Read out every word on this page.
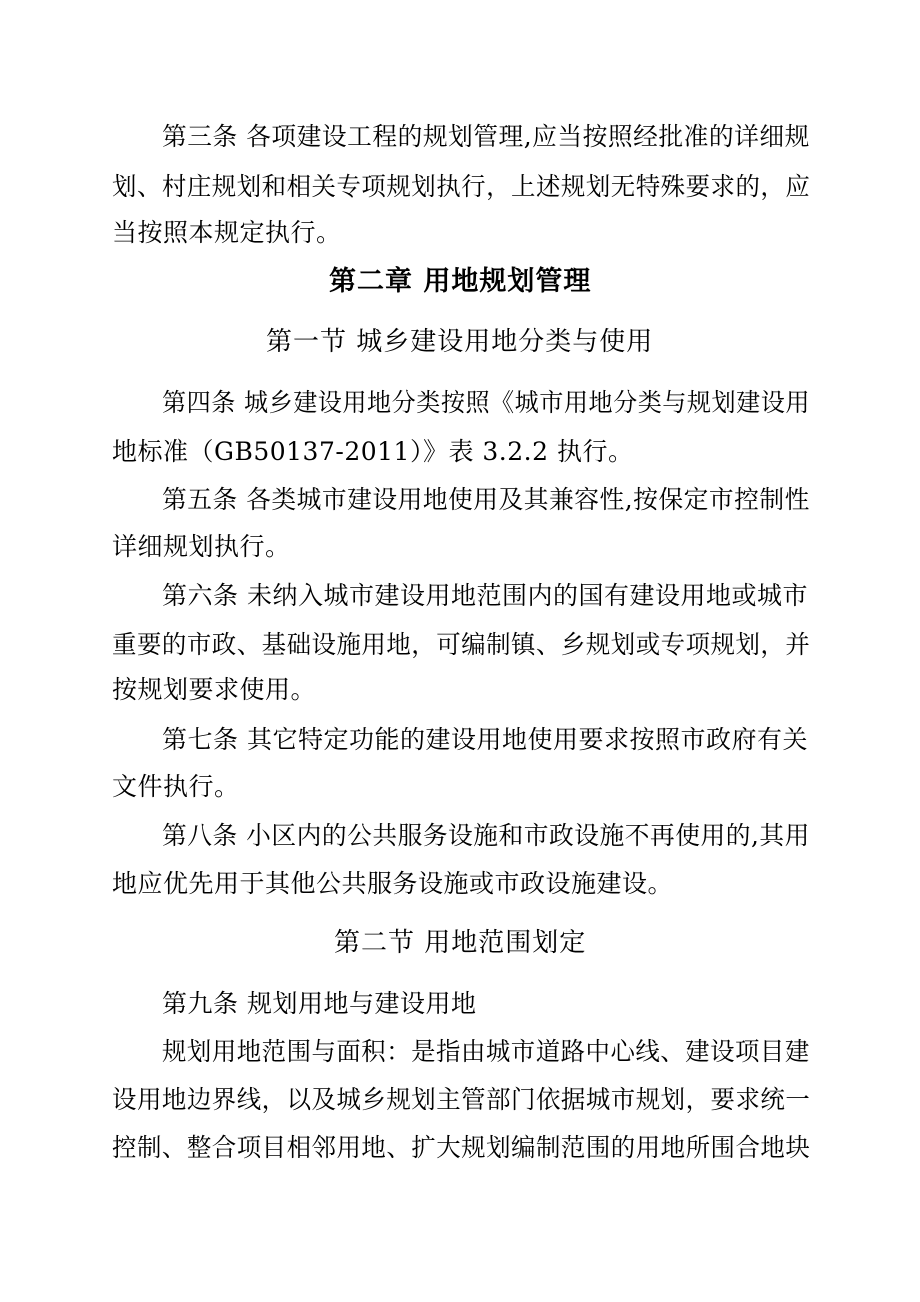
第三条 各项建设工程的规划管理,应当按照经批准的详细规
划、村庄规划和相关专项规划执行，上述规划无特殊要求的，应
当按照本规定执行。
第二章 用地规划管理
第一节 城乡建设用地分类与使用
第四条 城乡建设用地分类按照《城市用地分类与规划建设用
地标准（GB50137-2011）》表 3.2.2 执行。
第五条 各类城市建设用地使用及其兼容性,按保定市控制性
详细规划执行。
第六条 未纳入城市建设用地范围内的国有建设用地或城市
重要的市政、基础设施用地，可编制镇、乡规划或专项规划，并
按规划要求使用。
第七条 其它特定功能的建设用地使用要求按照市政府有关
文件执行。
第八条 小区内的公共服务设施和市政设施不再使用的,其用
地应优先用于其他公共服务设施或市政设施建设。
第二节 用地范围划定
第九条 规划用地与建设用地
规划用地范围与面积：是指由城市道路中心线、建设项目建
设用地边界线，以及城乡规划主管部门依据城市规划，要求统一
控制、整合项目相邻用地、扩大规划编制范围的用地所围合地块
